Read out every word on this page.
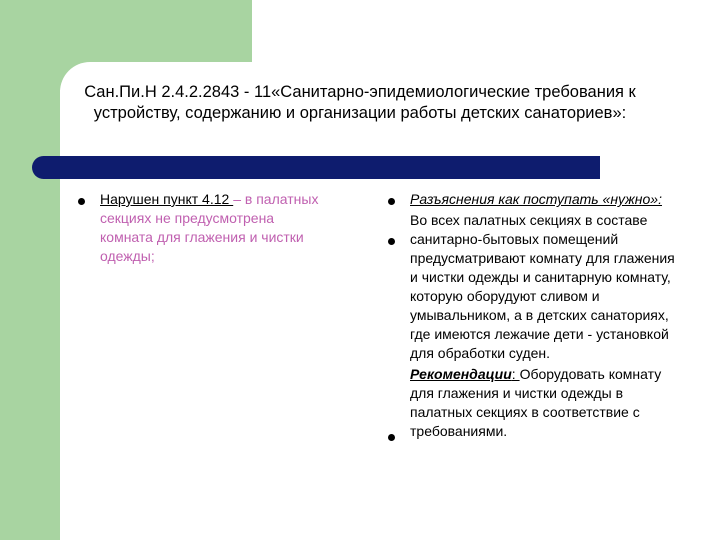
Сан.Пи.Н 2.4.2.2843 - 11«Санитарно-эпидемиологические требования к устройству, содержанию и организации работы детских санаториев»:

Нарушен пункт 4.12 – в палатных секциях не предусмотрена комната для глажения и чистки одежды;

Разъяснения как поступать «нужно»:

Во всех палатных секциях в составе санитарно-бытовых помещений предусматривают комнату для глажения и чистки одежды и санитарную комнату, которую оборудуют сливом и умывальником, а в детских санаториях, где имеются лежачие дети - установкой для обработки суден.

Рекомендации: Оборудовать комнату для глажения и чистки одежды в палатных секциях в соответствие с требованиями.
